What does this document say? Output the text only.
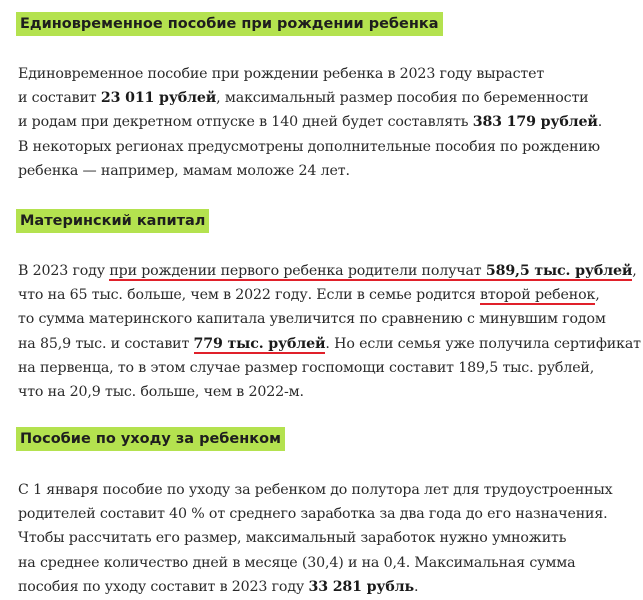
Единовременное пособие при рождении ребенка
Единовременное пособие при рождении ребенка в 2023 году вырастет
и составит 23 011 рублей, максимальный размер пособия по беременности
и родам при декретном отпуске в 140 дней будет составлять 383 179 рублей.
В некоторых регионах предусмотрены дополнительные пособия по рождению
ребенка — например, мамам моложе 24 лет.
Материнский капитал
В 2023 году при рождении первого ребенка родители получат 589,5 тыс. рублей,
что на 65 тыс. больше, чем в 2022 году. Если в семье родится второй ребенок,
то сумма материнского капитала увеличится по сравнению с минувшим годом
на 85,9 тыс. и составит 779 тыс. рублей. Но если семья уже получила сертификат
на первенца, то в этом случае размер госпомощи составит 189,5 тыс. рублей,
что на 20,9 тыс. больше, чем в 2022-м.
Пособие по уходу за ребенком
С 1 января пособие по уходу за ребенком до полутора лет для трудоустроенных
родителей составит 40 % от среднего заработка за два года до его назначения.
Чтобы рассчитать его размер, максимальный заработок нужно умножить
на среднее количество дней в месяце (30,4) и на 0,4. Максимальная сумма
пособия по уходу составит в 2023 году 33 281 рубль.
